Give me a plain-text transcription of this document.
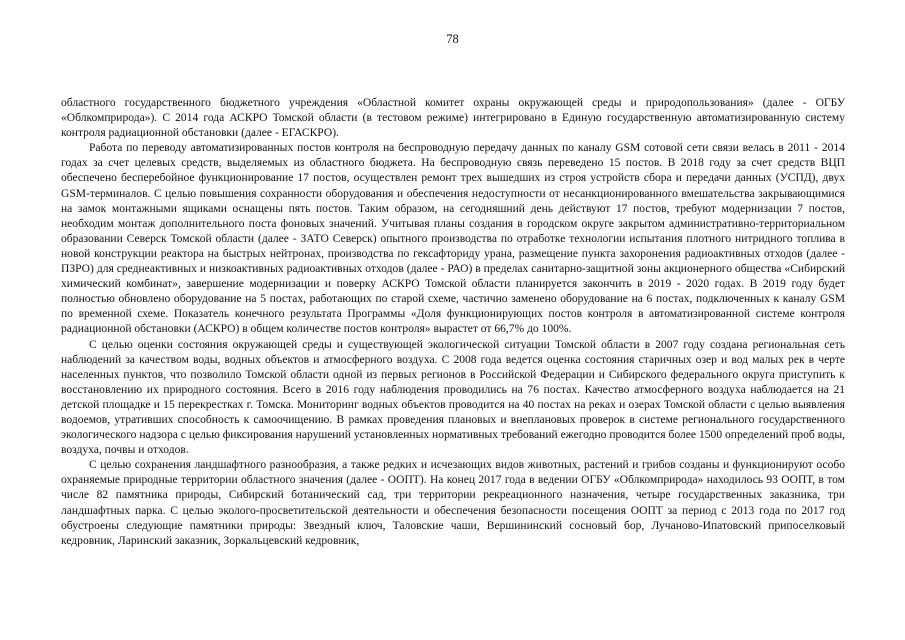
78

областного государственного бюджетного учреждения «Областной комитет охраны окружающей среды и природопользования» (далее - ОГБУ «Облкомприрода»). С 2014 года АСКРО Томской области (в тестовом режиме) интегрировано в Единую государственную автоматизированную систему контроля радиационной обстановки (далее - ЕГАСКРО).

Работа по переводу автоматизированных постов контроля на беспроводную передачу данных по каналу GSM сотовой сети связи велась в 2011 - 2014 годах за счет целевых средств, выделяемых из областного бюджета. На беспроводную связь переведено 15 постов. В 2018 году за счет средств ВЦП обеспечено бесперебойное функционирование 17 постов, осуществлен ремонт трех вышедших из строя устройств сбора и передачи данных (УСПД), двух GSM-терминалов. С целью повышения сохранности оборудования и обеспечения недоступности от несанкционированного вмешательства закрывающимися на замок монтажными ящиками оснащены пять постов. Таким образом, на сегодняшний день действуют 17 постов, требуют модернизации 7 постов, необходим монтаж дополнительного поста фоновых значений. Учитывая планы создания в городском округе закрытом административно-территориальном образовании Северск Томской области (далее - ЗАТО Северск) опытного производства по отработке технологии испытания плотного нитридного топлива в новой конструкции реактора на быстрых нейтронах, производства по гексафториду урана, размещение пункта захоронения радиоактивных отходов (далее - ПЗРО) для среднеактивных и низкоактивных радиоактивных отходов (далее - РАО) в пределах санитарно-защитной зоны акционерного общества «Сибирский химический комбинат», завершение модернизации и поверку АСКРО Томской области планируется закончить в 2019 - 2020 годах. В 2019 году будет полностью обновлено оборудование на 5 постах, работающих по старой схеме, частично заменено оборудование на 6 постах, подключенных к каналу GSM по временной схеме. Показатель конечного результата Программы «Доля функционирующих постов контроля в автоматизированной системе контроля радиационной обстановки (АСКРО) в общем количестве постов контроля» вырастет от 66,7% до 100%.

С целью оценки состояния окружающей среды и существующей экологической ситуации Томской области в 2007 году создана региональная сеть наблюдений за качеством воды, водных объектов и атмосферного воздуха. С 2008 года ведется оценка состояния старичных озер и вод малых рек в черте населенных пунктов, что позволило Томской области одной из первых регионов в Российской Федерации и Сибирского федерального округа приступить к восстановлению их природного состояния. Всего в 2016 году наблюдения проводились на 76 постах. Качество атмосферного воздуха наблюдается на 21 детской площадке и 15 перекрестках г. Томска. Мониторинг водных объектов проводится на 40 постах на реках и озерах Томской области с целью выявления водоемов, утративших способность к самоочищению. В рамках проведения плановых и внеплановых проверок в системе регионального государственного экологического надзора с целью фиксирования нарушений установленных нормативных требований ежегодно проводится более 1500 определений проб воды, воздуха, почвы и отходов.

С целью сохранения ландшафтного разнообразия, а также редких и исчезающих видов животных, растений и грибов созданы и функционируют особо охраняемые природные территории областного значения (далее - ООПТ). На конец 2017 года в ведении ОГБУ «Облкомприрода» находилось 93 ООПТ, в том числе 82 памятника природы, Сибирский ботанический сад, три территории рекреационного назначения, четыре государственных заказника, три ландшафтных парка. С целью эколого-просветительской деятельности и обеспечения безопасности посещения ООПТ за период с 2013 года по 2017 год обустроены следующие памятники природы: Звездный ключ, Таловские чаши, Вершининский сосновый бор, Лучаново-Ипатовский припоселковый кедровник, Ларинский заказник, Зоркальцевский кедровник,
